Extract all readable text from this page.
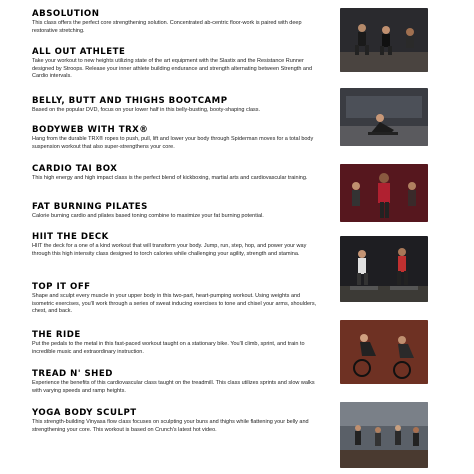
ABSOLUTION

This class offers the perfect core strengthening solution. Concentrated ab-centric floor-work is paired with deep restorative stretching.

ALL OUT ATHLETE

Take your workout to new heights utilizing state of the art equipment with the Slastix and the Resistance Runner designed by Stroops. Release your inner athlete building endurance and strength alternating between Strength and Cardio intervals.

BELLY, BUTT AND THIGHS BOOTCAMP

Based on the popular DVD, focus on your lower half in this belly-busting, booty-shaping class.

BODYWEB WITH TRX®

Hang from the durable TRX® ropes to push, pull, lift and lower your body through Spiderman moves for a total body suspension workout that also super-strengthens your core.

CARDIO TAI BOX

This high energy and high impact class is the perfect blend of kickboxing, martial arts and cardiovascular training.

FAT BURNING PILATES

Calorie burning cardio and pilates based toning combine to maximize your fat burning potential.

HIIT THE DECK

HIIT the deck for a one of a kind workout that will transform your body. Jump, run, step, hop, and power your way through this high intensity class designed to torch calories while challenging your agility, strength and stamina.

TOP IT OFF

Shape and sculpt every muscle in your upper body in this two-part, heart-pumping workout. Using weights and isometric exercises, you'll work through a series of sweat inducing exercises to tone and chisel your arms, shoulders, chest, and back.

THE RIDE

Put the pedals to the metal in this fast-paced workout taught on a stationary bike. You'll climb, sprint, and train to incredible music and extraordinary instruction.

TREAD N' SHED

Experience the benefits of this cardiovascular class taught on the treadmill. This class utilizes sprints and slow walks with varying speeds and ramp heights.

YOGA BODY SCULPT

This strength-building Vinyasa flow class focuses on sculpting your buns and thighs while flattening your belly and strengthening your core. This workout is based on Crunch's latest hot video.
